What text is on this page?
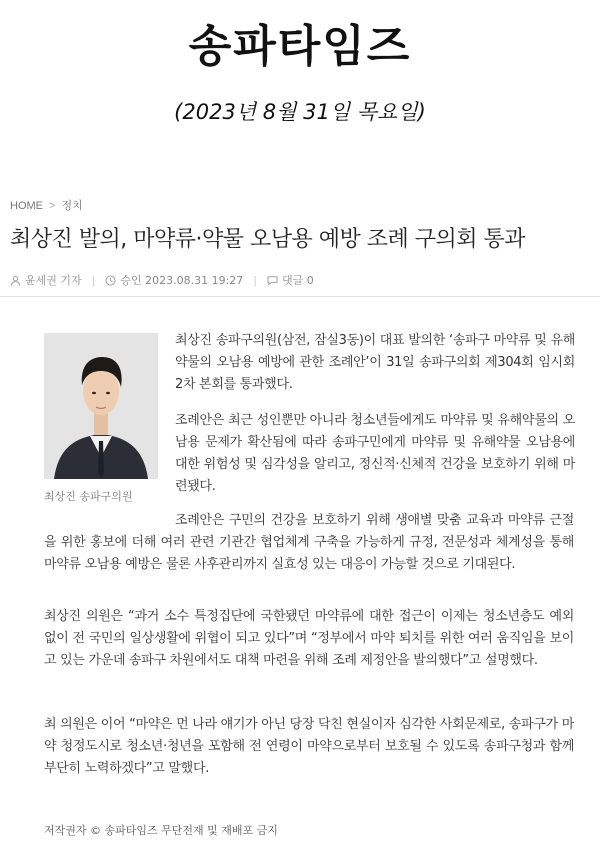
송파타임즈
(2023년 8월 31일 목요일)
HOME > 정치
최상진 발의, 마약류·약물 오남용 예방 조례 구의회 통과
윤세권 기자 | 승인 2023.08.31 19:27 | 댓글 0
최상진 송파구의원
최상진 송파구의원(삼전, 잠실3동)이 대표 발의한 ‘송파구 마약류 및 유해약물의 오남용 예방에 관한 조례안’이 31일 송파구의회 제304회 임시회 2차 본회를 통과했다.
조례안은 최근 성인뿐만 아니라 청소년들에게도 마약류 및 유해약물의 오남용 문제가 확산됨에 따라 송파구민에게 마약류 및 유해약물 오남용에 대한 위험성 및 심각성을 알리고, 정신적·신체적 건강을 보호하기 위해 마련됐다.
조례안은 구민의 건강을 보호하기 위해 생애별 맞춤 교육과 마약류 근절을 위한 홍보에 더해 여러 관련 기관간 협업체계 구축을 가능하게 규정, 전문성과 체계성을 통해 마약류 오남용 예방은 물론 사후관리까지 실효성 있는 대응이 가능할 것으로 기대된다.
최상진 의원은 “과거 소수 특정집단에 국한됐던 마약류에 대한 접근이 이제는 청소년층도 예외 없이 전 국민의 일상생활에 위협이 되고 있다”며 “정부에서 마약 퇴치를 위한 여러 움직임을 보이고 있는 가운데 송파구 차원에서도 대책 마련을 위해 조례 제정안을 발의했다”고 설명했다.
최 의원은 이어 “마약은 먼 나라 얘기가 아닌 당장 닥친 현실이자 심각한 사회문제로, 송파구가 마약 청정도시로 청소년·청년을 포함해 전 연령이 마약으로부터 보호될 수 있도록 송파구청과 함께 부단히 노력하겠다”고 말했다.
저작권자 © 송파타임즈 무단전재 및 재배포 금지
